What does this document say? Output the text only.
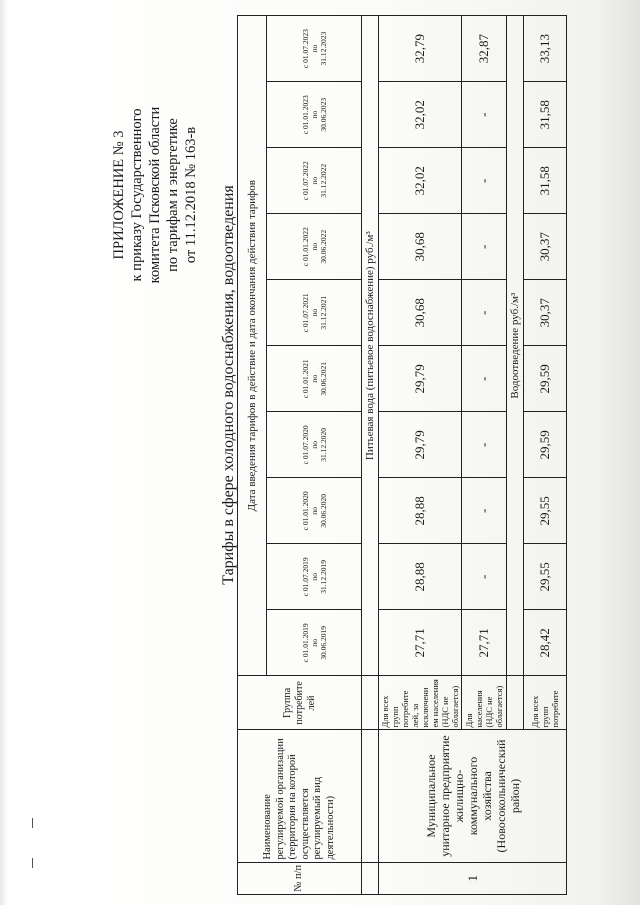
ПРИЛОЖЕНИЕ № 3 к приказу Государственного комитета Псковской области по тарифам и энергетике от 11.12.2018 № 163-в Тарифы в сфере холодного водоснабжения, водоотведения
№ п/п	Наименование регулируемой организации (территория на которой осуществляется регулируемый вид деятельности)	Группа потребите лей	Дата введения тарифов в действие и дата окончания действия тарифов									

			с 01.01.2019 по 30.06.2019	с 01.07.2019 по 31.12.2019	с 01.01.2020 по 30.06.2020	с 01.07.2020 по 31.12.2020	с 01.01.2021 по 30.06.2021	с 01.07.2021 по 31.12.2021	с 01.01.2022 по 30.06.2022	с 01.07.2022 по 31.12.2022	с 01.01.2023 по 30.06.2023	с 01.07.2023 по 31.12.2023

			Питьевая вода (питьевое водоснабжение) руб./м³									
1	Муниципальное унитарное предприятие жилищно-коммунального хозяйства (Новосокольнический район)	Для всех групп потребите лей, за исключени ем населения (НДС не облагается)	27,71	28,88	28,88	29,79	29,79	30,68	30,68	32,02	32,02	32,79
		Для населения (НДС не облагается)	27,71	-	-	-	-	-	-	-	-	32,87
			Водоотведение руб./м³									
		Для всех групп потребите	28,42	29,55	29,55	29,59	29,59	30,37	30,37	31,58	31,58	33,13
